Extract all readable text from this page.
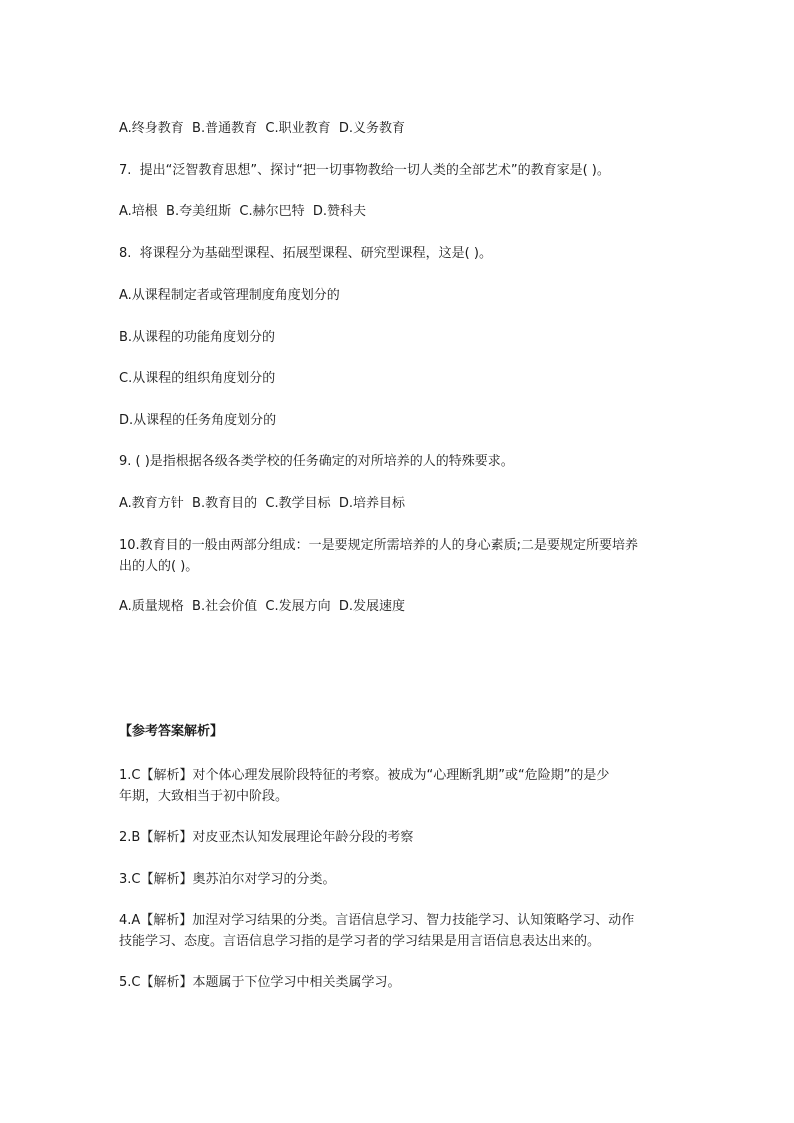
A.终身教育  B.普通教育  C.职业教育  D.义务教育
7.  提出“泛智教育思想”、探讨“把一切事物教给一切人类的全部艺术”的教育家是( )。
A.培根  B.夸美纽斯  C.赫尔巴特  D.赞科夫
8.  将课程分为基础型课程、拓展型课程、研究型课程，这是( )。
A.从课程制定者或管理制度角度划分的
B.从课程的功能角度划分的
C.从课程的组织角度划分的
D.从课程的任务角度划分的
9. ( )是指根据各级各类学校的任务确定的对所培养的人的特殊要求。
A.教育方针  B.教育目的  C.教学目标  D.培养目标
10.教育目的一般由两部分组成：一是要规定所需培养的人的身心素质;二是要规定所要培养
出的人的( )。
A.质量规格  B.社会价值  C.发展方向  D.发展速度
【参考答案解析】
1.C【解析】对个体心理发展阶段特征的考察。被成为“心理断乳期”或“危险期”的是少
年期，大致相当于初中阶段。
2.B【解析】对皮亚杰认知发展理论年龄分段的考察
3.C【解析】奥苏泊尔对学习的分类。
4.A【解析】加涅对学习结果的分类。言语信息学习、智力技能学习、认知策略学习、动作
技能学习、态度。言语信息学习指的是学习者的学习结果是用言语信息表达出来的。
5.C【解析】本题属于下位学习中相关类属学习。
